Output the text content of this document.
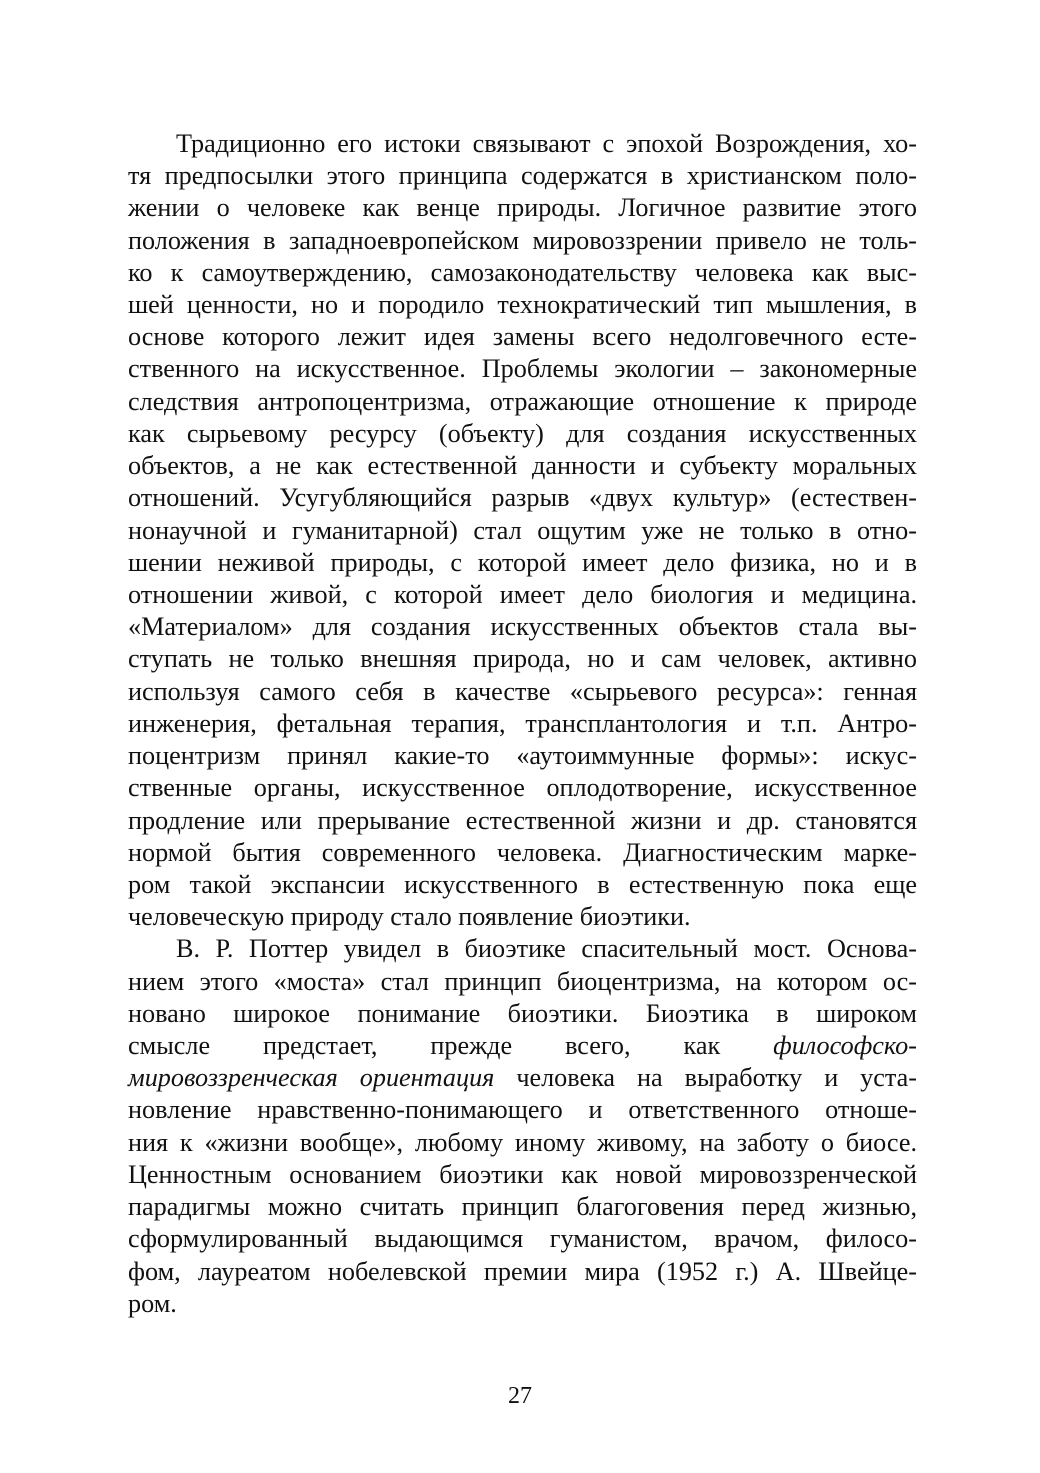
Традиционно его истоки связывают с эпохой Возрождения, хо-
тя предпосылки этого принципа содержатся в христианском поло-
жении о человеке как венце природы. Логичное развитие этого
положения в западноевропейском мировоззрении привело не толь-
ко к самоутверждению, самозаконодательству человека как выс-
шей ценности, но и породило технократический тип мышления, в
основе которого лежит идея замены всего недолговечного есте-
ственного на искусственное. Проблемы экологии – закономерные
следствия антропоцентризма, отражающие отношение к природе
как сырьевому ресурсу (объекту) для создания искусственных
объектов, а не как естественной данности и субъекту моральных
отношений. Усугубляющийся разрыв «двух культур» (естествен-
нонаучной и гуманитарной) стал ощутим уже не только в отно-
шении неживой природы, с которой имеет дело физика, но и в
отношении живой, с которой имеет дело биология и медицина.
«Материалом» для создания искусственных объектов стала вы-
ступать не только внешняя природа, но и сам человек, активно
используя самого себя в качестве «сырьевого ресурса»: генная
инженерия, фетальная терапия, трансплантология и т.п. Антро-
поцентризм принял какие-то «аутоиммунные формы»: искус-
ственные органы, искусственное оплодотворение, искусственное
продление или прерывание естественной жизни и др. становятся
нормой бытия современного человека. Диагностическим марке-
ром такой экспансии искусственного в естественную пока еще
человеческую природу стало появление биоэтики.
В. Р. Поттер увидел в биоэтике спасительный мост. Основа-
нием этого «моста» стал принцип биоцентризма, на котором ос-
новано широкое понимание биоэтики. Биоэтика в широком
смысле предстает, прежде всего, как философско-
мировоззренческая ориентация человека на выработку и уста-
новление нравственно-понимающего и ответственного отноше-
ния к «жизни вообще», любому иному живому, на заботу о биосе.
Ценностным основанием биоэтики как новой мировоззренческой
парадигмы можно считать принцип благоговения перед жизнью,
сформулированный выдающимся гуманистом, врачом, филосо-
фом, лауреатом нобелевской премии мира (1952 г.) А. Швейце-
ром.
27
